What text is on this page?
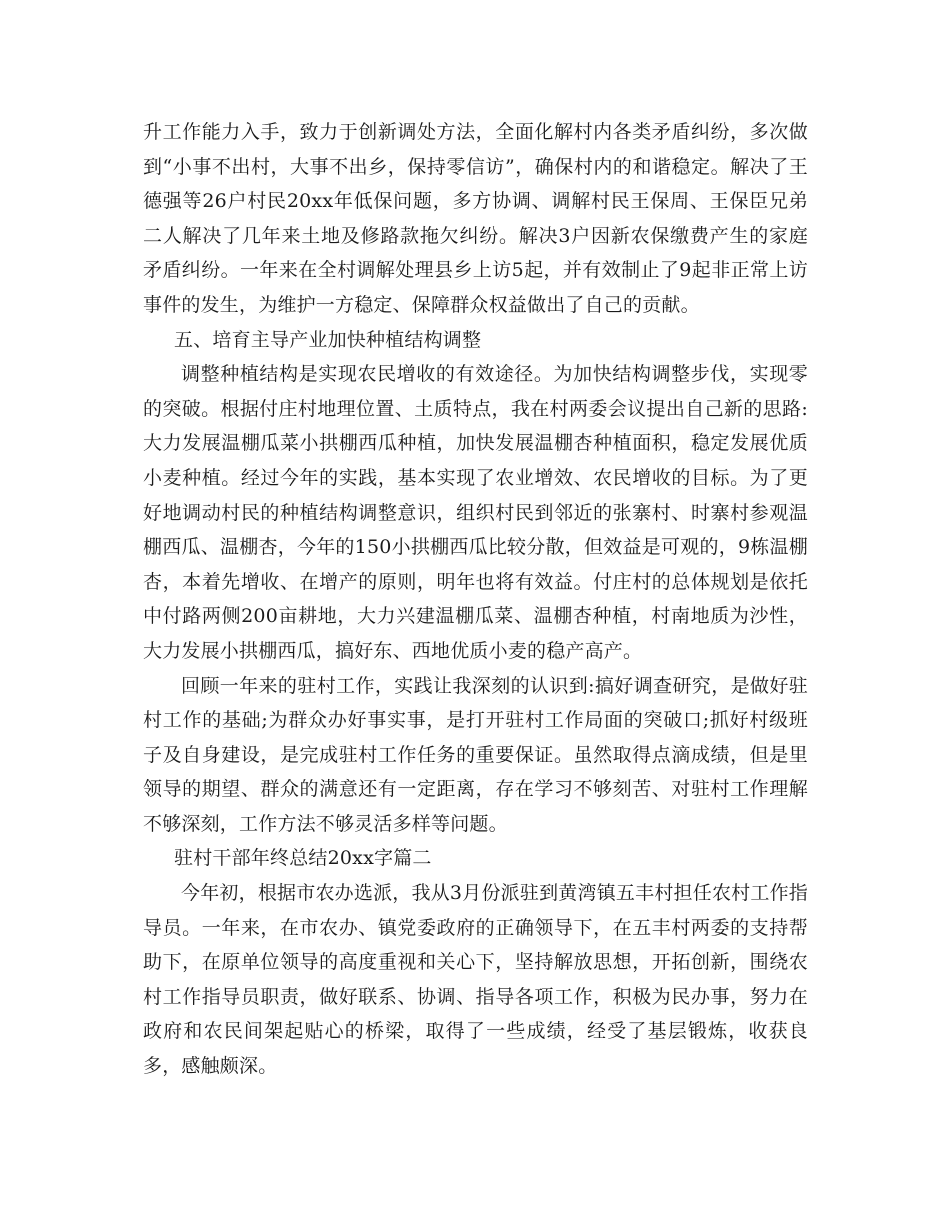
升工作能力入手，致力于创新调处方法，全面化解村内各类矛盾纠纷，多次做到“小事不出村，大事不出乡，保持零信访”，确保村内的和谐稳定。解决了王德强等26户村民20xx年低保问题，多方协调、调解村民王保周、王保臣兄弟二人解决了几年来土地及修路款拖欠纠纷。解决3户因新农保缴费产生的家庭矛盾纠纷。一年来在全村调解处理县乡上访5起，并有效制止了9起非正常上访事件的发生，为维护一方稳定、保障群众权益做出了自己的贡献。

五、培育主导产业加快种植结构调整

调整种植结构是实现农民增收的有效途径。为加快结构调整步伐，实现零的突破。根据付庄村地理位置、土质特点，我在村两委会议提出自己新的思路:大力发展温棚瓜菜小拱棚西瓜种植，加快发展温棚杏种植面积，稳定发展优质小麦种植。经过今年的实践，基本实现了农业增效、农民增收的目标。为了更好地调动村民的种植结构调整意识，组织村民到邻近的张寨村、时寨村参观温棚西瓜、温棚杏，今年的150小拱棚西瓜比较分散，但效益是可观的，9栋温棚杏，本着先增收、在增产的原则，明年也将有效益。付庄村的总体规划是依托中付路两侧200亩耕地，大力兴建温棚瓜菜、温棚杏种植，村南地质为沙性，大力发展小拱棚西瓜，搞好东、西地优质小麦的稳产高产。

回顾一年来的驻村工作，实践让我深刻的认识到:搞好调查研究，是做好驻村工作的基础;为群众办好事实事，是打开驻村工作局面的突破口;抓好村级班子及自身建设，是完成驻村工作任务的重要保证。虽然取得点滴成绩，但是里领导的期望、群众的满意还有一定距离，存在学习不够刻苦、对驻村工作理解不够深刻，工作方法不够灵活多样等问题。

驻村干部年终总结20xx字篇二

今年初，根据市农办选派，我从3月份派驻到黄湾镇五丰村担任农村工作指导员。一年来，在市农办、镇党委政府的正确领导下，在五丰村两委的支持帮助下，在原单位领导的高度重视和关心下，坚持解放思想，开拓创新，围绕农村工作指导员职责，做好联系、协调、指导各项工作，积极为民办事，努力在政府和农民间架起贴心的桥梁，取得了一些成绩，经受了基层锻炼，收获良多，感触颇深。
